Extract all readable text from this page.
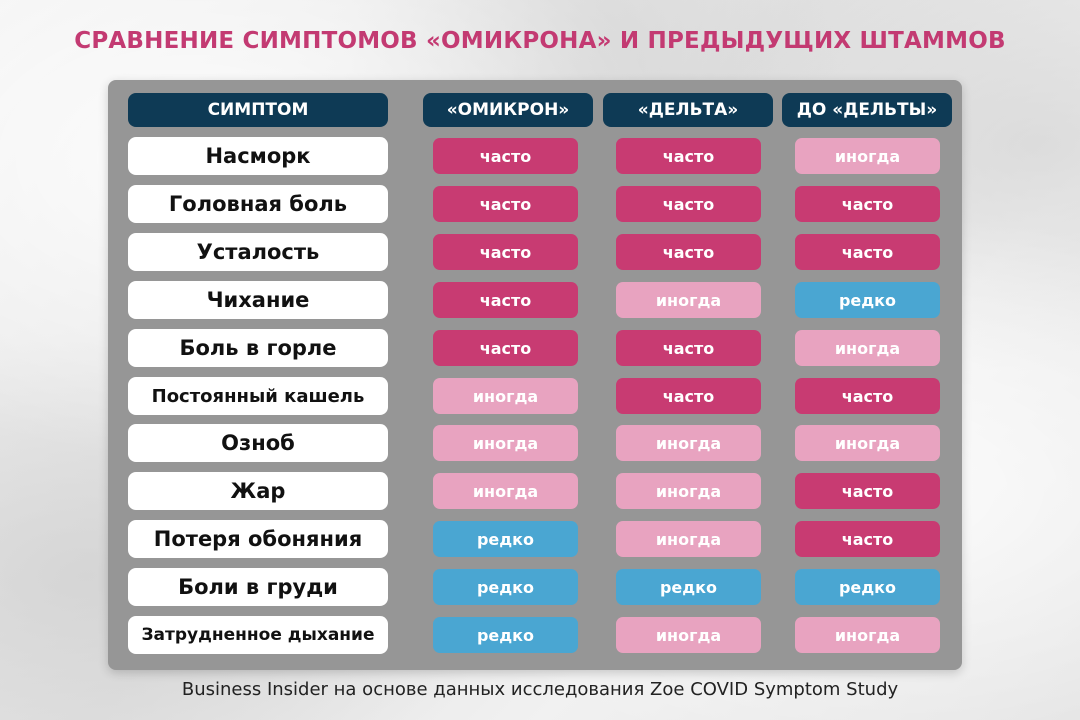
СРАВНЕНИЕ СИМПТОМОВ «ОМИКРОНА» И ПРЕДЫДУЩИХ ШТАММОВ
СИМПТОМ	«ОМИКРОН»	«ДЕЛЬТА»	ДО «ДЕЛЬТЫ»
Насморк	часто	часто	иногда
Головная боль	часто	часто	часто
Усталость	часто	часто	часто
Чихание	часто	иногда	редко
Боль в горле	часто	часто	иногда
Постоянный кашель	иногда	часто	часто
Озноб	иногда	иногда	иногда
Жар	иногда	иногда	часто
Потеря обоняния	редко	иногда	часто
Боли в груди	редко	редко	редко
Затрудненное дыхание	редко	иногда	иногда
Business Insider на основе данных исследования Zoe COVID Symptom Study
